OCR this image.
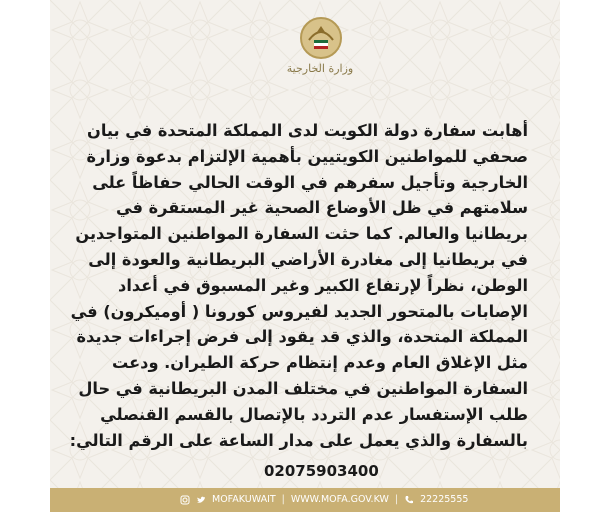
وزارة الخارجية
أهابت سفارة دولة الكويت لدى المملكة المتحدة في بيان صحفي للمواطنين الكويتيين بأهمية الإلتزام بدعوة وزارة الخارجية وتأجيل سفرهم في الوقت الحالي حفاظاً على سلامتهم في ظل الأوضاع الصحية غير المستقرة في بريطانيا والعالم. كما حثت السفارة المواطنين المتواجدين في بريطانيا إلى مغادرة الأراضي البريطانية والعودة إلى الوطن، نظراً لإرتفاع الكبير وغير المسبوق في أعداد الإصابات بالمتحور الجديد لفيروس كورونا ( أوميكرون) في المملكة المتحدة، والذي قد يقود إلى فرض إجراءات جديدة مثل الإغلاق العام وعدم إنتظام حركة الطيران. ودعت السفارة المواطنين في مختلف المدن البريطانية في حال طلب الإستفسار عدم التردد بالإتصال بالقسم القنصلي بالسفارة والذي يعمل على مدار الساعة على الرقم التالي:
02075903400
MOFAKUWAIT | WWW.MOFA.GOV.KW | 22225555
